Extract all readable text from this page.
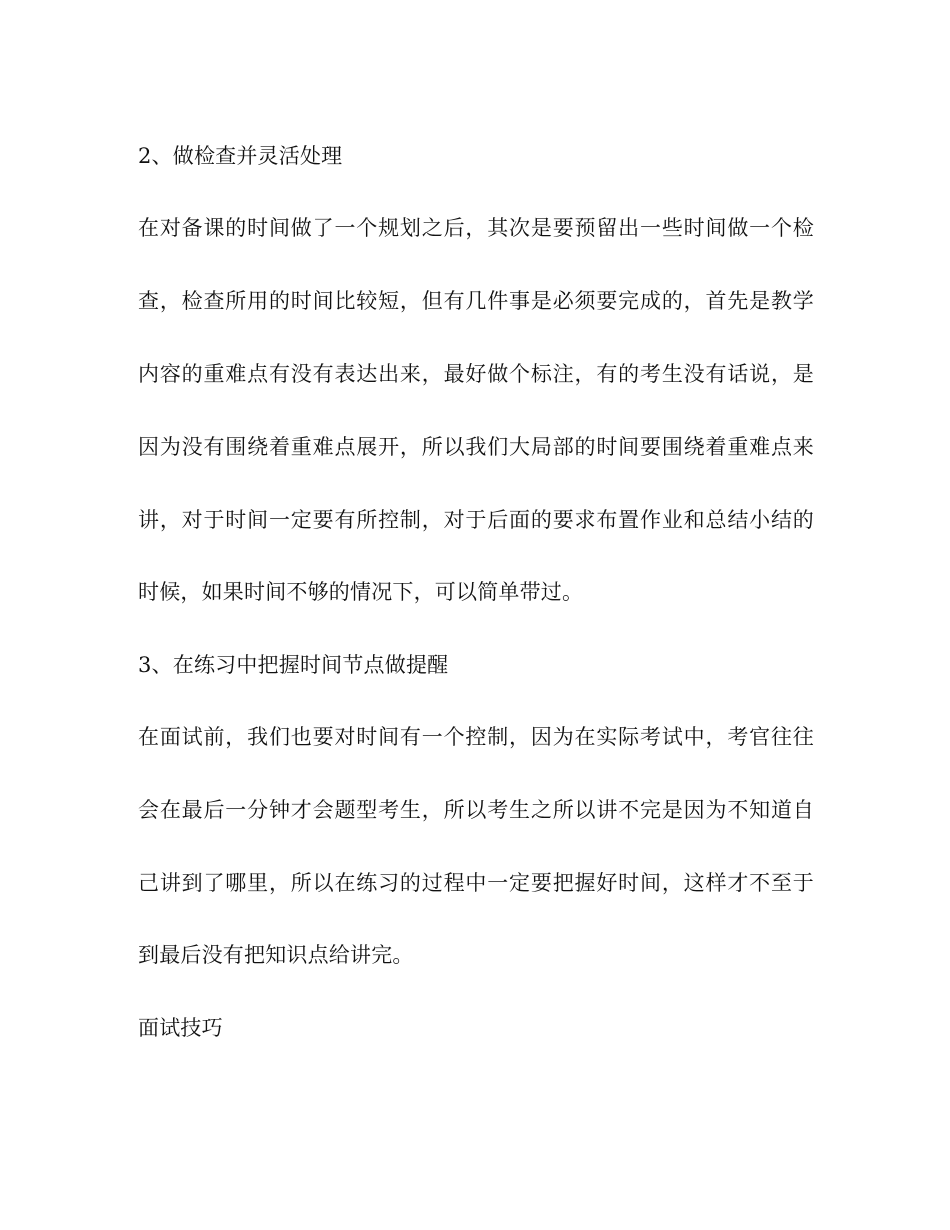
2、做检查并灵活处理
在对备课的时间做了一个规划之后，其次是要预留出一些时间做一个检
查，检查所用的时间比较短，但有几件事是必须要完成的，首先是教学
内容的重难点有没有表达出来，最好做个标注，有的考生没有话说，是
因为没有围绕着重难点展开，所以我们大局部的时间要围绕着重难点来
讲，对于时间一定要有所控制，对于后面的要求布置作业和总结小结的
时候，如果时间不够的情况下，可以简单带过。
3、在练习中把握时间节点做提醒
在面试前，我们也要对时间有一个控制，因为在实际考试中，考官往往
会在最后一分钟才会题型考生，所以考生之所以讲不完是因为不知道自
己讲到了哪里，所以在练习的过程中一定要把握好时间，这样才不至于
到最后没有把知识点给讲完。
面试技巧
